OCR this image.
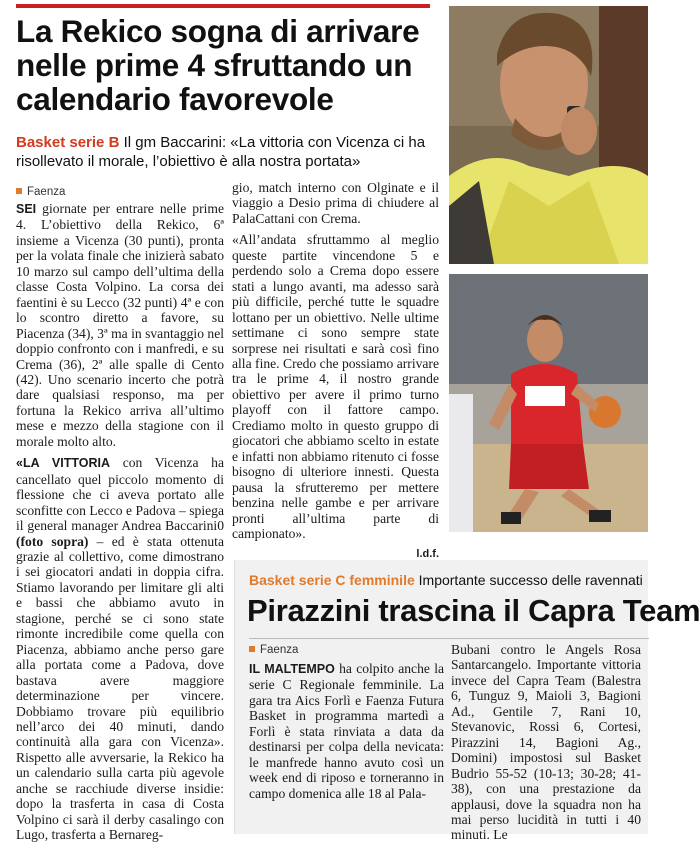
La Rekico sogna di arrivare nelle prime 4 sfruttando un calendario favorevole
Basket serie B Il gm Baccarini: «La vittoria con Vicenza ci ha risollevato il morale, l’obiettivo è alla nostra portata»
Faenza

SEI giornate per entrare nelle prime 4. L’obiettivo della Rekico, 6ª insieme a Vicenza (30 punti), pronta per la volata finale che inizierà sabato 10 marzo sul campo dell’ultima della classe Costa Volpino. La corsa dei faentini è su Lecco (32 punti) 4ª e con lo scontro diretto a favore, su Piacenza (34), 3ª ma in svantaggio nel doppio confronto con i manfredi, e su Crema (36), 2ª alle spalle di Cento (42). Uno scenario incerto che potrà dare qualsiasi responso, ma per fortuna la Rekico arriva all’ultimo mese e mezzo della stagione con il morale molto alto.

«LA VITTORIA con Vicenza ha cancellato quel piccolo momento di flessione che ci aveva portato alle sconfitte con Lecco e Padova – spiega il general manager Andrea Baccarini0 (foto sopra) – ed è stata ottenuta grazie al collettivo, come dimostrano i sei giocatori andati in doppia cifra. Stiamo lavorando per limitare gli alti e bassi che abbiamo avuto in stagione, perché se ci sono state rimonte incredibile come quella con Piacenza, abbiamo anche perso gare alla portata come a Padova, dove bastava avere maggiore determinazione per vincere. Dobbiamo trovare più equilibrio nell’arco dei 40 minuti, dando continuità alla gara con Vicenza». Rispetto alle avversarie, la Rekico ha un calendario sulla carta più agevole anche se racchiude diverse insidie: dopo la trasferta in casa di Costa Volpino ci sarà il derby casalingo con Lugo, trasferta a Bernareg-

gio, match interno con Olginate e il viaggio a Desio prima di chiudere al PalaCattani con Crema.

«All’andata sfruttammo al meglio queste partite vincendone 5 e perdendo solo a Crema dopo essere stati a lungo avanti, ma adesso sarà più difficile, perché tutte le squadre lottano per un obiettivo. Nelle ultime settimane ci sono sempre state sorprese nei risultati e sarà così fino alla fine. Credo che possiamo arrivare tra le prime 4, il nostro grande obiettivo per avere il primo turno playoff con il fattore campo. Crediamo molto in questo gruppo di giocatori che abbiamo scelto in estate e infatti non abbiamo ritenuto ci fosse bisogno di ulteriore innesti. Questa pausa la sfrutteremo per mettere benzina nelle gambe e per arrivare pronti all’ultima parte di campionato».

l.d.f.
Basket serie C femminile Importante successo delle ravennati
Pirazzini trascina il Capra Team
Faenza

IL MALTEMPO ha colpito anche la serie C Regionale femminile. La gara tra Aics Forlì e Faenza Futura Basket in programma martedì a Forlì è stata rinviata a data da destinarsi per colpa della nevicata: le manfrede hanno avuto così un week end di riposo e torneranno in campo domenica alle 18 al Pala-

Bubani contro le Angels Rosa Santarcangelo. Importante vittoria invece del Capra Team (Balestra 6, Tunguz 9, Maioli 3, Bagioni Ad., Gentile 7, Rani 10, Stevanovic, Rossi 6, Cortesi, Pirazzini 14, Bagioni Ag., Domini) impostosi sul Basket Budrio 55-52 (10-13; 30-28; 41-38), con una prestazione da applausi, dove la squadra non ha mai perso lucidità in tutti i 40 minuti. Le
